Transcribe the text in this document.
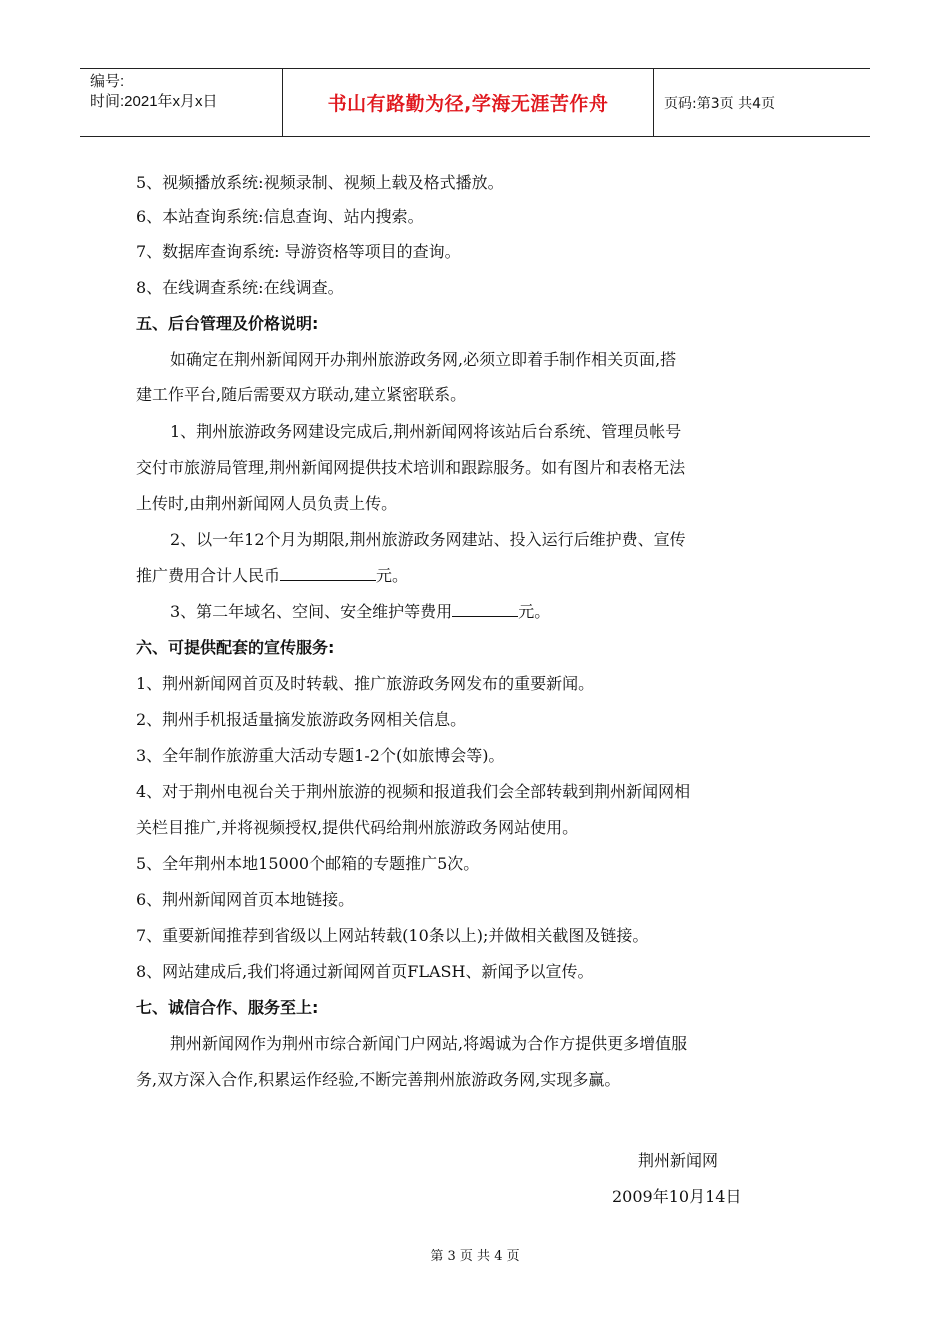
编号:
时间:2021年x月x日	书山有路勤为径,学海无涯苦作舟	页码:第3页 共4页
5、视频播放系统:视频录制、视频上载及格式播放。
6、本站查询系统:信息查询、站内搜索。
7、数据库查询系统: 导游资格等项目的查询。
8、在线调查系统:在线调查。
五、后台管理及价格说明:
如确定在荆州新闻网开办荆州旅游政务网,必须立即着手制作相关页面,搭
建工作平台,随后需要双方联动,建立紧密联系。
1、荆州旅游政务网建设完成后,荆州新闻网将该站后台系统、管理员帐号
交付市旅游局管理,荆州新闻网提供技术培训和跟踪服务。如有图片和表格无法
上传时,由荆州新闻网人员负责上传。
2、以一年12个月为期限,荆州旅游政务网建站、投入运行后维护费、宣传
推广费用合计人民币	元。
3、第二年域名、空间、安全维护等费用	元。
六、可提供配套的宣传服务:
1、荆州新闻网首页及时转载、推广旅游政务网发布的重要新闻。
2、荆州手机报适量摘发旅游政务网相关信息。
3、全年制作旅游重大活动专题1-2个(如旅博会等)。
4、对于荆州电视台关于荆州旅游的视频和报道我们会全部转载到荆州新闻网相
关栏目推广,并将视频授权,提供代码给荆州旅游政务网站使用。
5、全年荆州本地15000个邮箱的专题推广5次。
6、荆州新闻网首页本地链接。
7、重要新闻推荐到省级以上网站转载(10条以上);并做相关截图及链接。
8、网站建成后,我们将通过新闻网首页FLASH、新闻予以宣传。
七、诚信合作、服务至上:
荆州新闻网作为荆州市综合新闻门户网站,将竭诚为合作方提供更多增值服
务,双方深入合作,积累运作经验,不断完善荆州旅游政务网,实现多赢。
荆州新闻网
2009年10月14日
第 3 页 共 4 页
